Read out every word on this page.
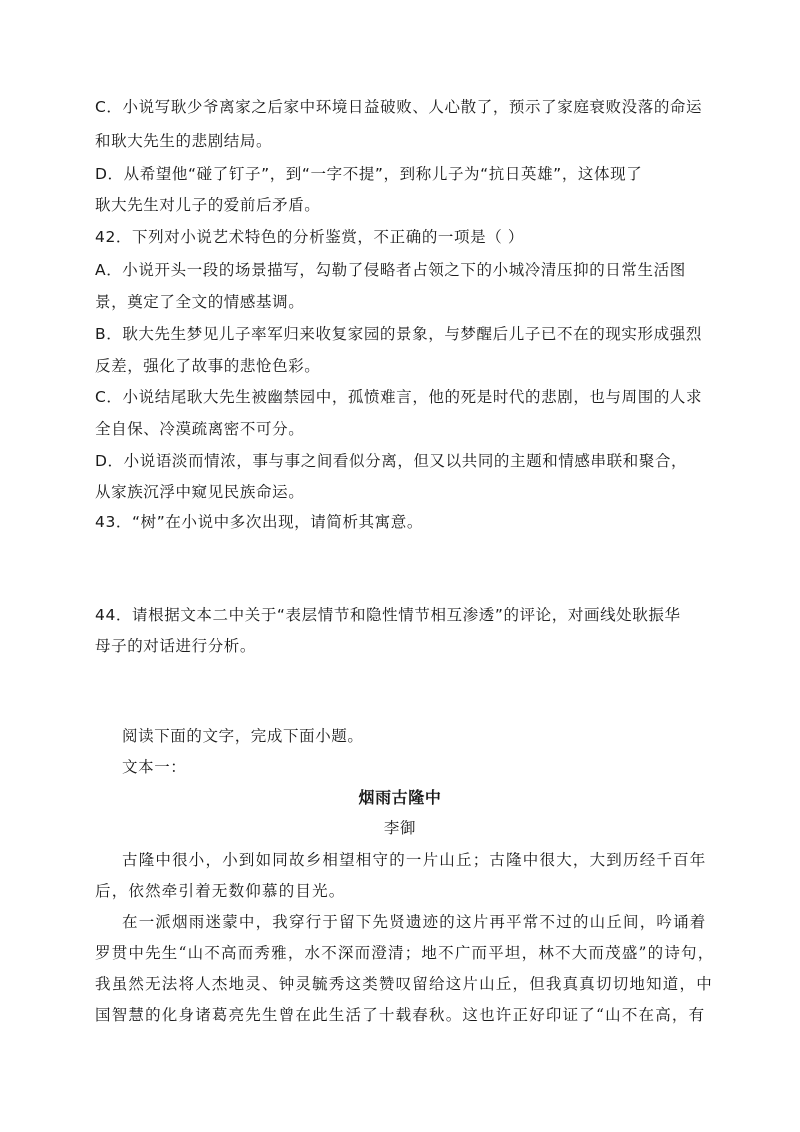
C．小说写耿少爷离家之后家中环境日益破败、人心散了，预示了家庭衰败没落的命运
和耿大先生的悲剧结局。
D．从希望他“碰了钉子”，到“一字不提”，到称儿子为“抗日英雄”，这体现了
耿大先生对儿子的爱前后矛盾。
42．下列对小说艺术特色的分析鉴赏，不正确的一项是（ ）
A．小说开头一段的场景描写，勾勒了侵略者占领之下的小城冷清压抑的日常生活图
景，奠定了全文的情感基调。
B．耿大先生梦见儿子率军归来收复家园的景象，与梦醒后儿子已不在的现实形成强烈
反差，强化了故事的悲怆色彩。
C．小说结尾耿大先生被幽禁园中，孤愤难言，他的死是时代的悲剧，也与周围的人求
全自保、冷漠疏离密不可分。
D．小说语淡而情浓，事与事之间看似分离，但又以共同的主题和情感串联和聚合，
从家族沉浮中窥见民族命运。
43．“树”在小说中多次出现，请简析其寓意。
44．请根据文本二中关于“表层情节和隐性情节相互渗透”的评论，对画线处耿振华
母子的对话进行分析。
阅读下面的文字，完成下面小题。
文本一：
烟雨古隆中
李御
古隆中很小，小到如同故乡相望相守的一片山丘；古隆中很大，大到历经千百年
后，依然牵引着无数仰慕的目光。
在一派烟雨迷蒙中，我穿行于留下先贤遗迹的这片再平常不过的山丘间，吟诵着
罗贯中先生“山不高而秀雅，水不深而澄清；地不广而平坦，林不大而茂盛”的诗句，
我虽然无法将人杰地灵、钟灵毓秀这类赞叹留给这片山丘，但我真真切切地知道，中
国智慧的化身诸葛亮先生曾在此生活了十载春秋。这也许正好印证了“山不在高，有
